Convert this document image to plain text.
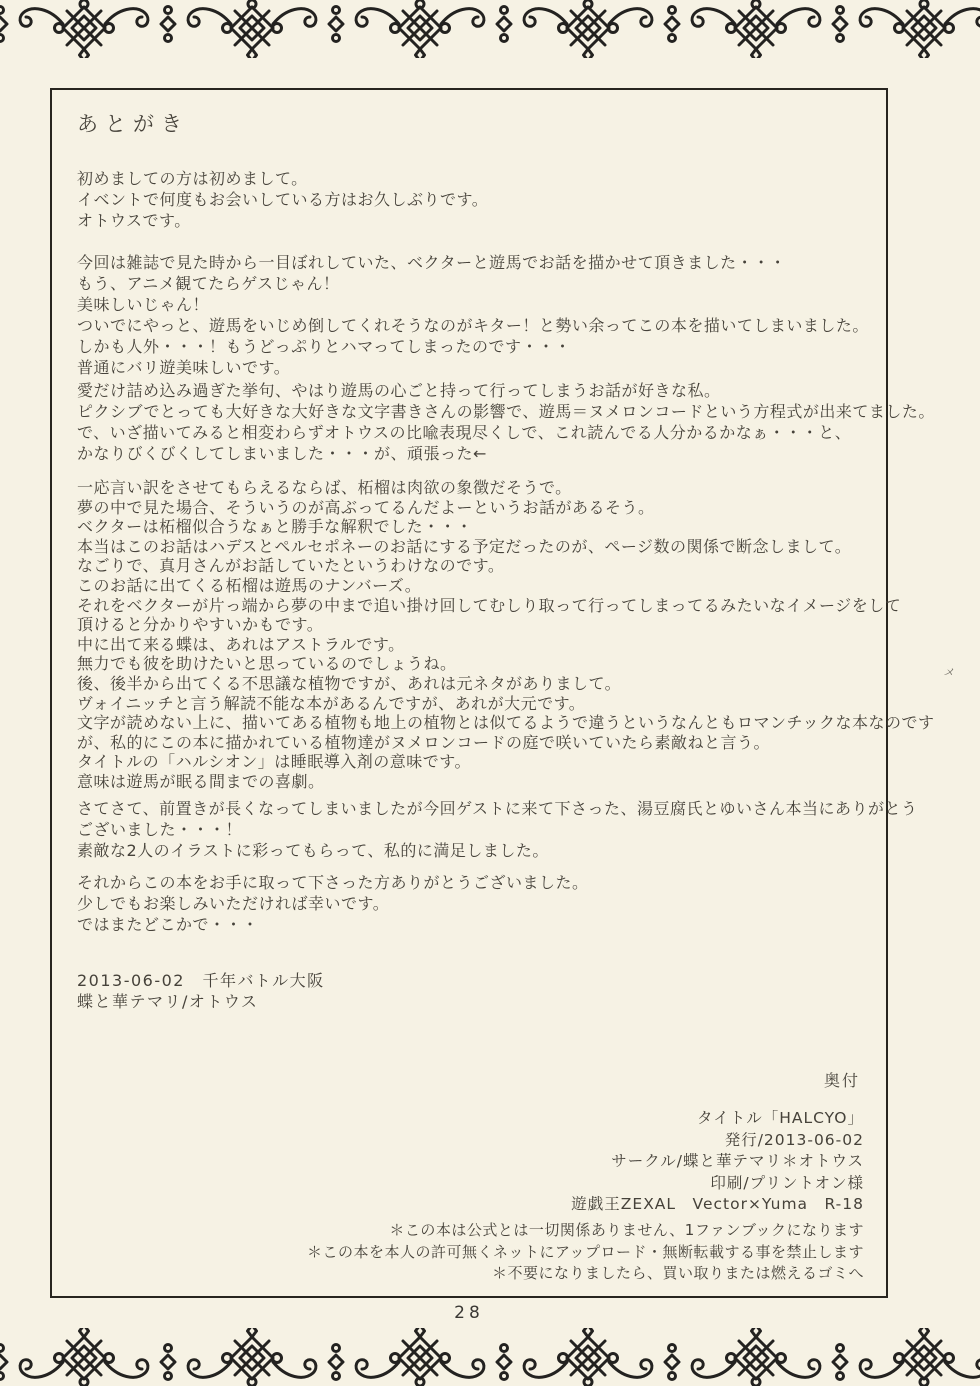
あとがき
初めましての方は初めまして。
イベントで何度もお会いしている方はお久しぶりです。
オトウスです。
今回は雑誌で見た時から一目ぼれしていた、ベクターと遊馬でお話を描かせて頂きました・・・
もう、アニメ観てたらゲスじゃん！
美味しいじゃん！
ついでにやっと、遊馬をいじめ倒してくれそうなのがキター！と勢い余ってこの本を描いてしまいました。
しかも人外・・・！もうどっぷりとハマってしまったのです・・・
普通にバリ遊美味しいです。
愛だけ詰め込み過ぎた挙句、やはり遊馬の心ごと持って行ってしまうお話が好きな私。
ピクシブでとっても大好きな大好きな文字書きさんの影響で、遊馬＝ヌメロンコードという方程式が出来てました。
で、いざ描いてみると相変わらずオトウスの比喩表現尽くしで、これ読んでる人分かるかなぁ・・・と、
かなりびくびくしてしまいました・・・が、頑張った←
一応言い訳をさせてもらえるならば、柘榴は肉欲の象徴だそうで。
夢の中で見た場合、そういうのが高ぶってるんだよーというお話があるそう。
ベクターは柘榴似合うなぁと勝手な解釈でした・・・
本当はこのお話はハデスとペルセポネーのお話にする予定だったのが、ページ数の関係で断念しまして。
なごりで、真月さんがお話していたというわけなのです。
このお話に出てくる柘榴は遊馬のナンバーズ。
それをベクターが片っ端から夢の中まで追い掛け回してむしり取って行ってしまってるみたいなイメージをして
頂けると分かりやすいかもです。
中に出て来る蝶は、あれはアストラルです。
無力でも彼を助けたいと思っているのでしょうね。
後、後半から出てくる不思議な植物ですが、あれは元ネタがありまして。
ヴォイニッチと言う解読不能な本があるんですが、あれが大元です。
文字が読めない上に、描いてある植物も地上の植物とは似てるようで違うというなんともロマンチックな本なのです
が、私的にこの本に描かれている植物達がヌメロンコードの庭で咲いていたら素敵ねと言う。
タイトルの「ハルシオン」は睡眠導入剤の意味です。
意味は遊馬が眠る間までの喜劇。
さてさて、前置きが長くなってしまいましたが今回ゲストに来て下さった、湯豆腐氏とゆいさん本当にありがとう
ございました・・・！
素敵な2人のイラストに彩ってもらって、私的に満足しました。
それからこの本をお手に取って下さった方ありがとうございました。
少しでもお楽しみいただければ幸いです。
ではまたどこかで・・・
2013-06-02　千年バトル大阪
蝶と華テマリ/オトウス
奥付
タイトル「HALCYO」
発行/2013-06-02
サークル/蝶と華テマリ＊オトウス
印刷/プリントオン様
遊戯王ZEXAL　Vector×Yuma　R-18
＊この本は公式とは一切関係ありません、1ファンブックになります
＊この本を本人の許可無くネットにアップロード・無断転載する事を禁止します
＊不要になりましたら、買い取りまたは燃えるゴミへ
メ
28
